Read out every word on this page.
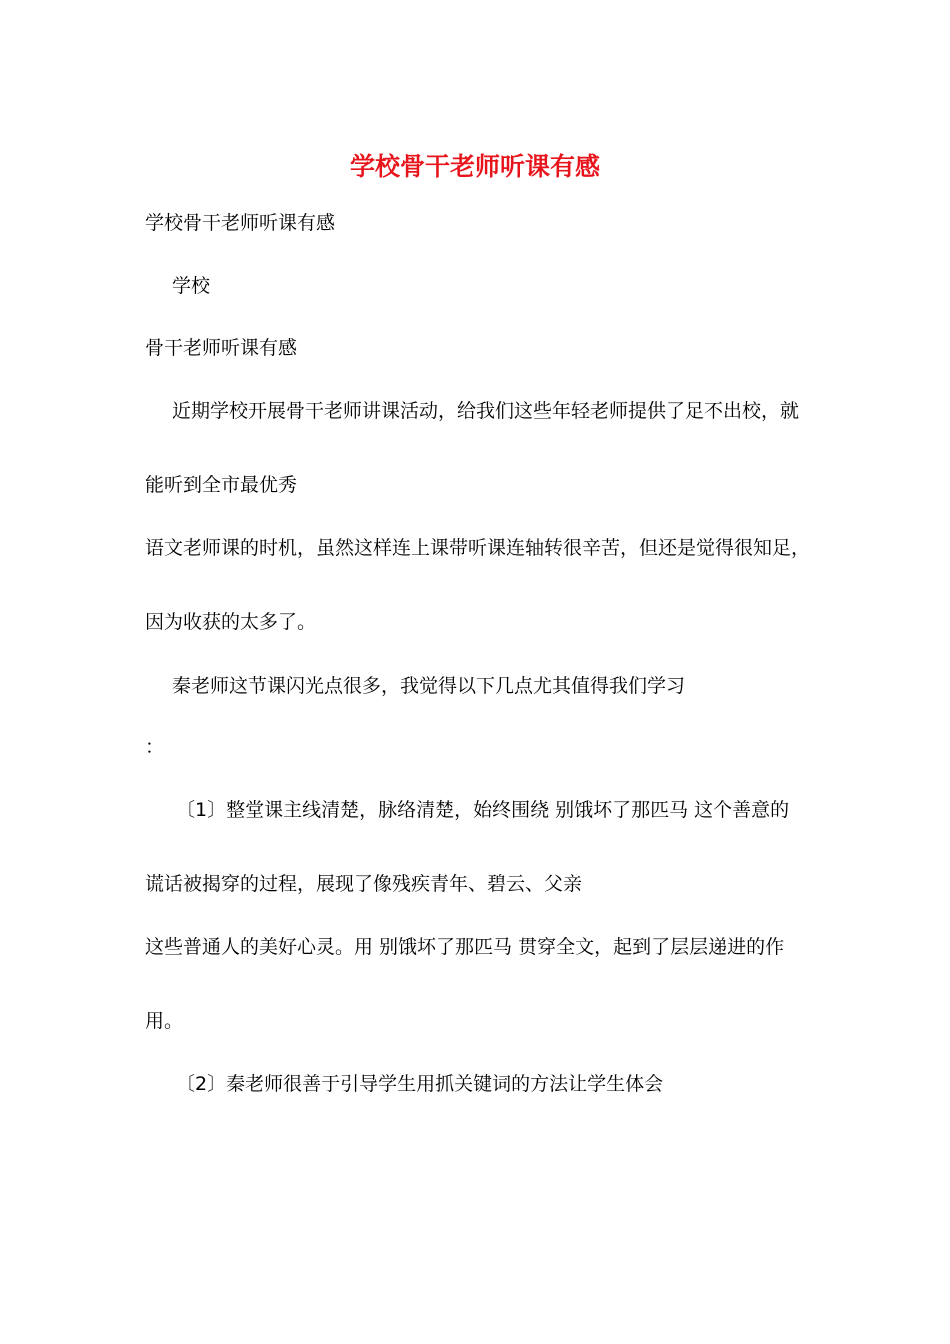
学校骨干老师听课有感
学校骨干老师听课有感
学校
骨干老师听课有感
近期学校开展骨干老师讲课活动，给我们这些年轻老师提供了足不出校，就
能听到全市最优秀
语文老师课的时机，虽然这样连上课带听课连轴转很辛苦，但还是觉得很知足，
因为收获的太多了。
秦老师这节课闪光点很多，我觉得以下几点尤其值得我们学习
：
〔1〕整堂课主线清楚，脉络清楚，始终围绕 别饿坏了那匹马 这个善意的
谎话被揭穿的过程，展现了像残疾青年、碧云、父亲
这些普通人的美好心灵。用 别饿坏了那匹马 贯穿全文，起到了层层递进的作
用。
〔2〕秦老师很善于引导学生用抓关键词的方法让学生体会
